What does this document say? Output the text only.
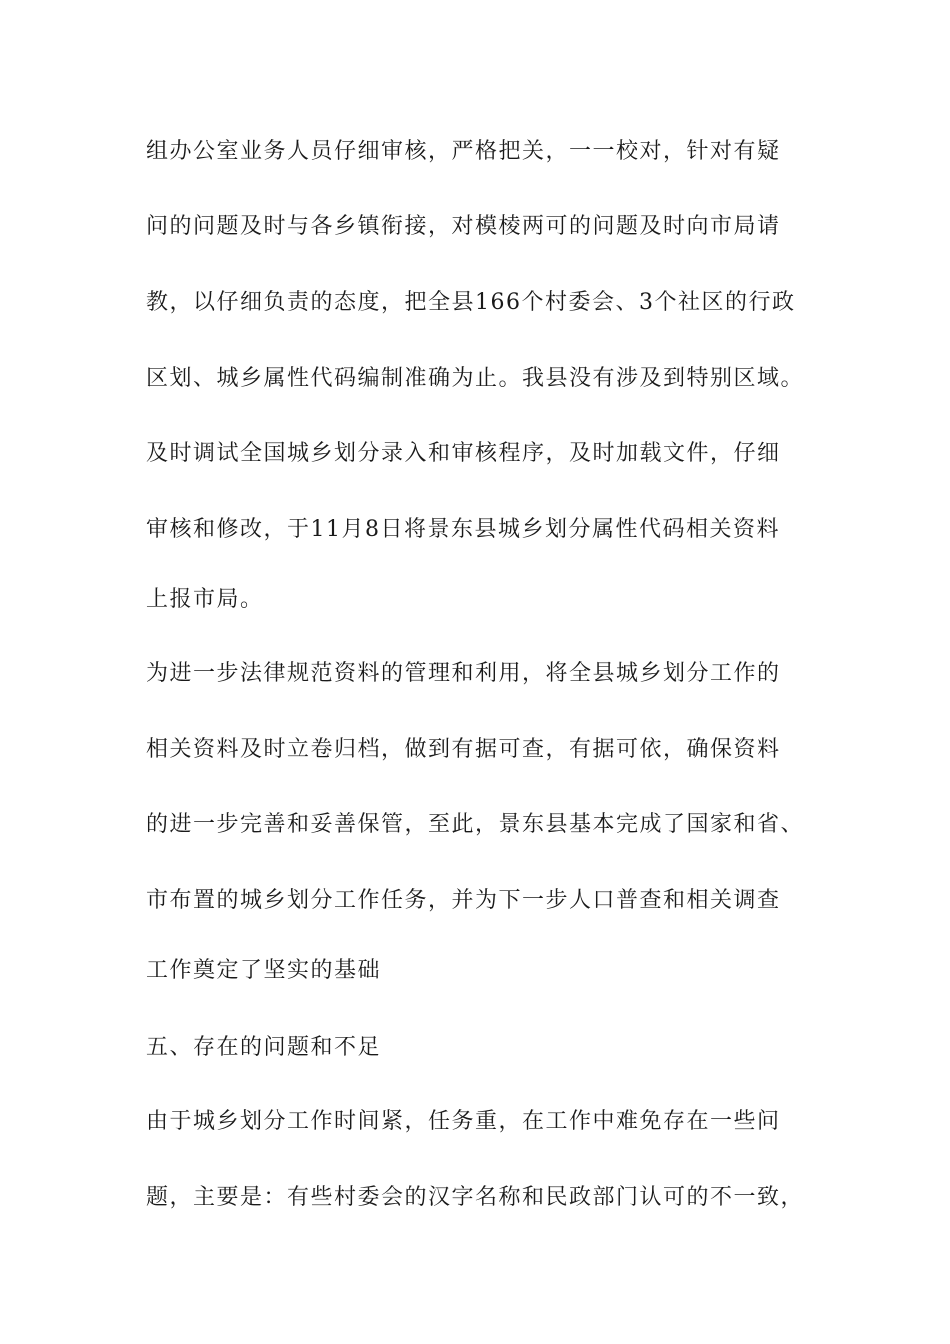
组办公室业务人员仔细审核，严格把关，一一校对，针对有疑
问的问题及时与各乡镇衔接，对模棱两可的问题及时向市局请
教，以仔细负责的态度，把全县166个村委会、3个社区的行政
区划、城乡属性代码编制准确为止。我县没有涉及到特别区域。
及时调试全国城乡划分录入和审核程序，及时加载文件，仔细
审核和修改，于11月8日将景东县城乡划分属性代码相关资料
上报市局。
为进一步法律规范资料的管理和利用，将全县城乡划分工作的
相关资料及时立卷归档，做到有据可查，有据可依，确保资料
的进一步完善和妥善保管，至此，景东县基本完成了国家和省、
市布置的城乡划分工作任务，并为下一步人口普查和相关调查
工作奠定了坚实的基础
五、存在的问题和不足
由于城乡划分工作时间紧，任务重，在工作中难免存在一些问
题，主要是：有些村委会的汉字名称和民政部门认可的不一致，
